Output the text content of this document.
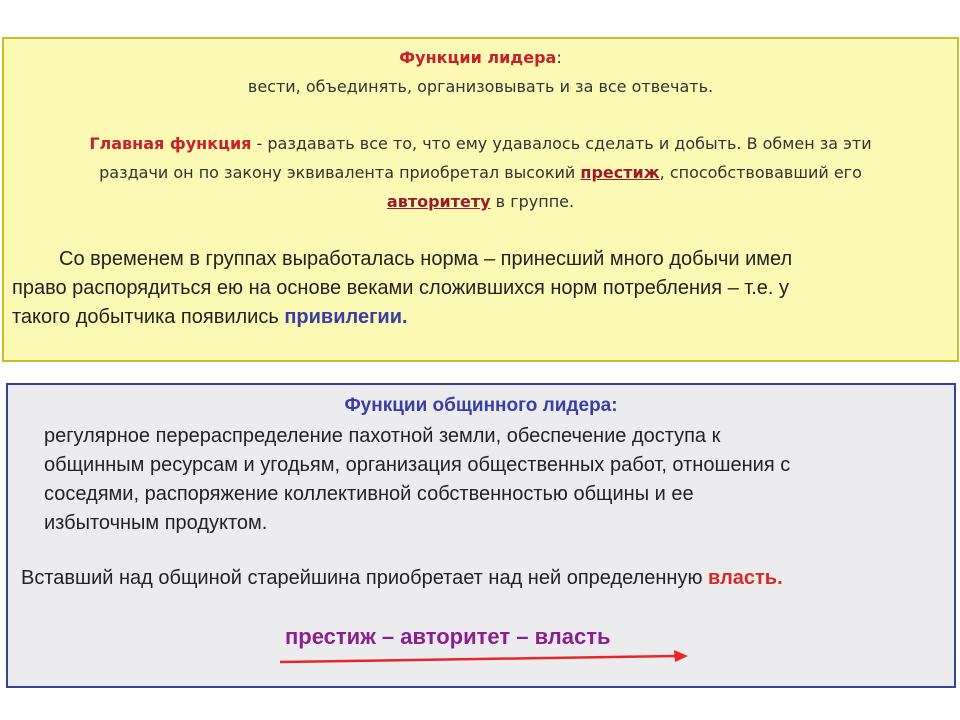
Функции лидера:

вести, объединять, организовывать и за все отвечать.

Главная функция - раздавать все то, что ему удавалось сделать и добыть. В обмен за эти

раздачи он по закону эквивалента приобретал высокий престиж, способствовавший его

авторитету в группе.

Со временем в группах выработалась норма – принесший много добычи имел

право распорядиться ею на основе веками сложившихся норм потребления – т.е. у

такого добытчика появились привилегии.

Функции общинного лидера:

регулярное перераспределение пахотной земли, обеспечение доступа к

общинным ресурсам и угодьям, организация общественных работ, отношения с

соседями, распоряжение коллективной собственностью общины и ее

избыточным продуктом.

Вставший над общиной старейшина приобретает над ней определенную власть.

престиж – авторитет – власть
